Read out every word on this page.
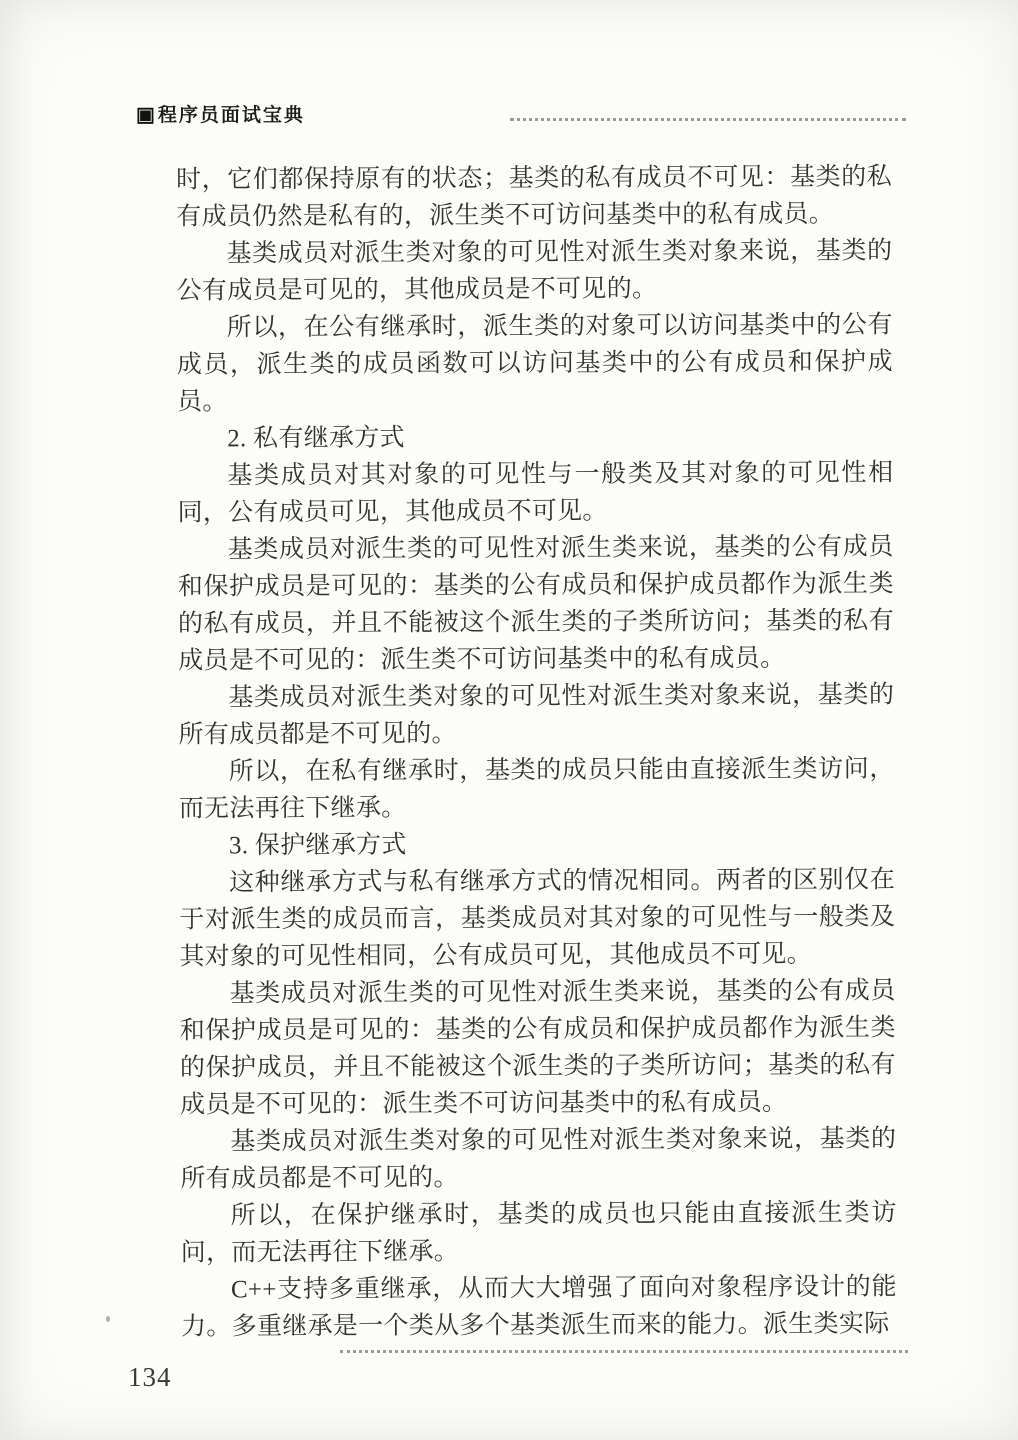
▣ 程序员面试宝典

时，它们都保持原有的状态；基类的私有成员不可见：基类的私有成员仍然是私有的，派生类不可访问基类中的私有成员。

基类成员对派生类对象的可见性对派生类对象来说，基类的公有成员是可见的，其他成员是不可见的。

所以，在公有继承时，派生类的对象可以访问基类中的公有成员，派生类的成员函数可以访问基类中的公有成员和保护成员。

2. 私有继承方式

基类成员对其对象的可见性与一般类及其对象的可见性相同，公有成员可见，其他成员不可见。

基类成员对派生类的可见性对派生类来说，基类的公有成员和保护成员是可见的：基类的公有成员和保护成员都作为派生类的私有成员，并且不能被这个派生类的子类所访问；基类的私有成员是不可见的：派生类不可访问基类中的私有成员。

基类成员对派生类对象的可见性对派生类对象来说，基类的所有成员都是不可见的。

所以，在私有继承时，基类的成员只能由直接派生类访问，而无法再往下继承。

3. 保护继承方式

这种继承方式与私有继承方式的情况相同。两者的区别仅在于对派生类的成员而言，基类成员对其对象的可见性与一般类及其对象的可见性相同，公有成员可见，其他成员不可见。

基类成员对派生类的可见性对派生类来说，基类的公有成员和保护成员是可见的：基类的公有成员和保护成员都作为派生类的保护成员，并且不能被这个派生类的子类所访问；基类的私有成员是不可见的：派生类不可访问基类中的私有成员。

基类成员对派生类对象的可见性对派生类对象来说，基类的所有成员都是不可见的。

所以，在保护继承时，基类的成员也只能由直接派生类访问，而无法再往下继承。

C++支持多重继承，从而大大增强了面向对象程序设计的能力。多重继承是一个类从多个基类派生而来的能力。派生类实际

134
